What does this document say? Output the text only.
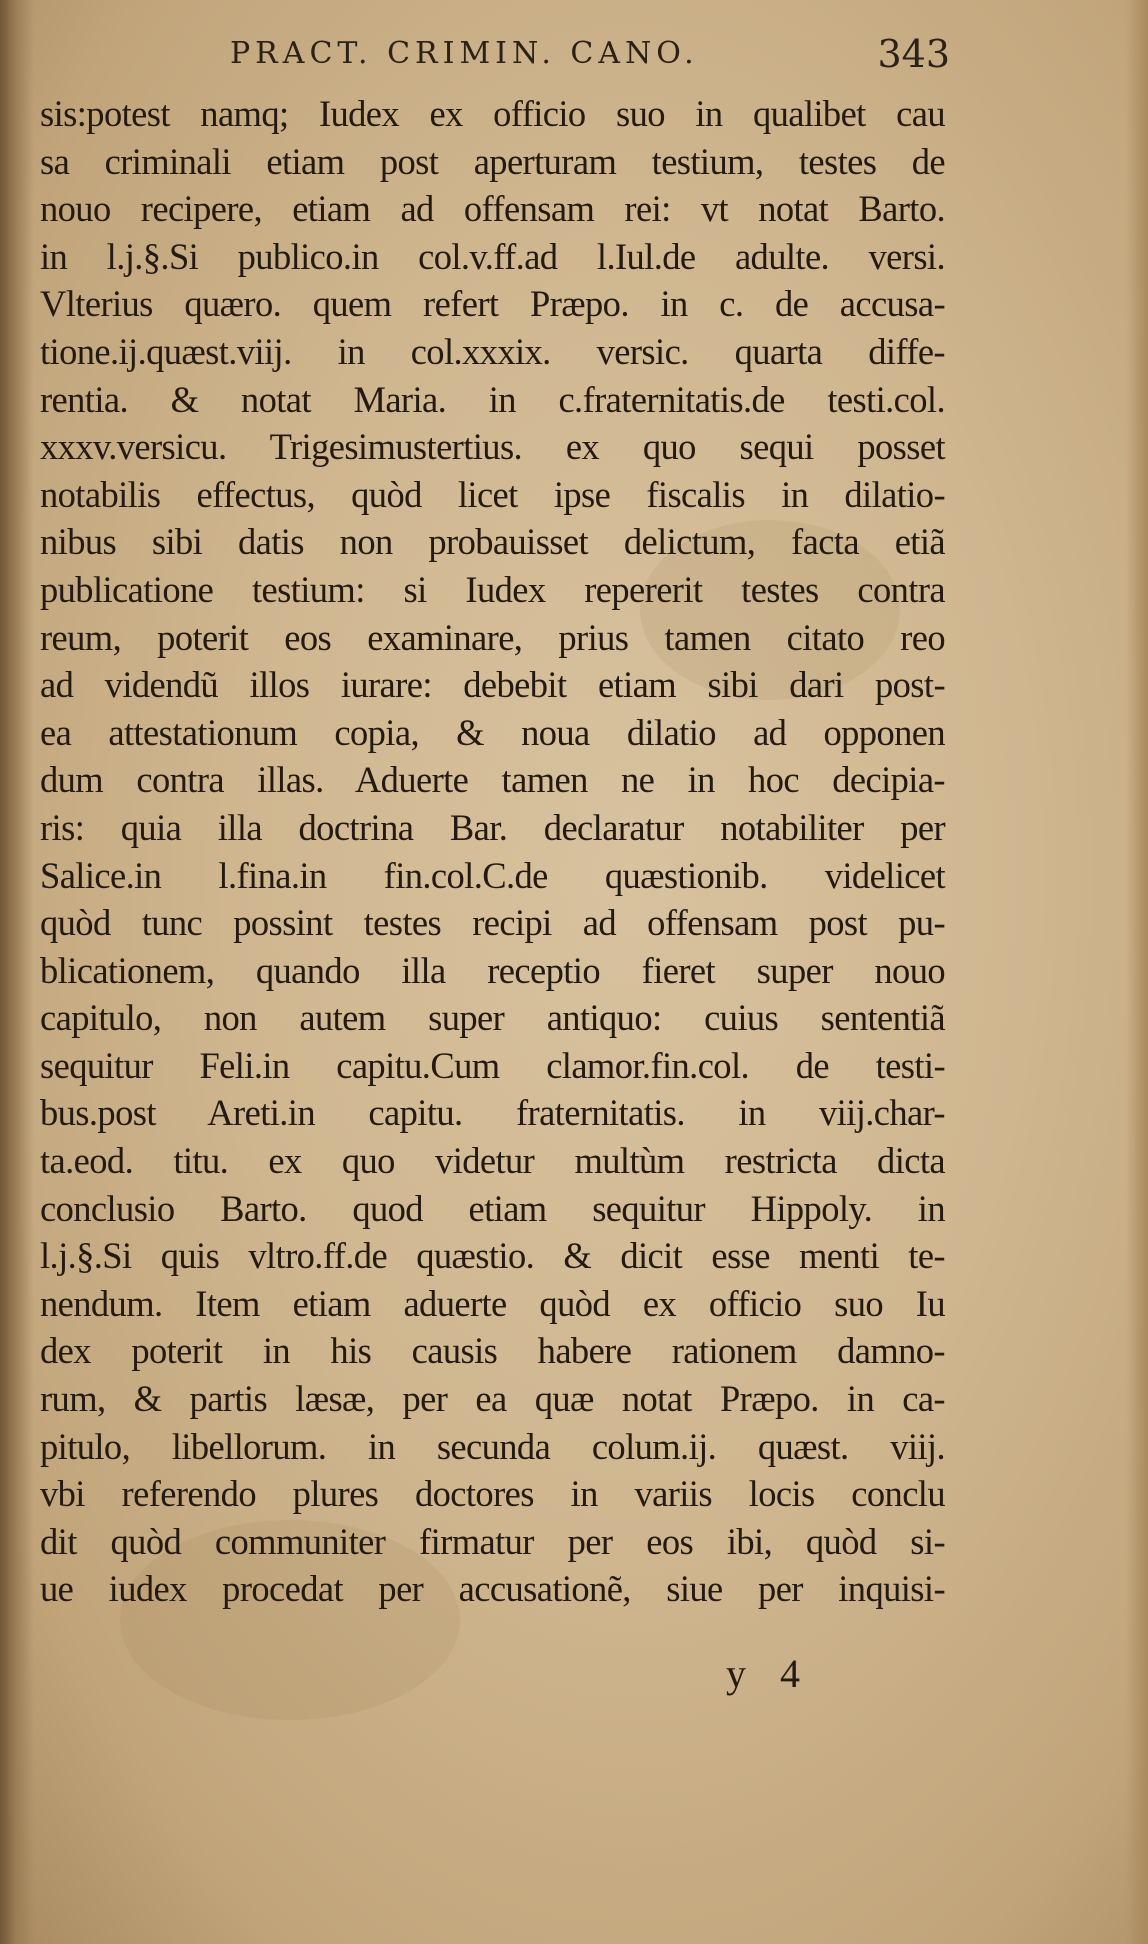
PRACT. CRIMIN. CANO.	343
sis:potest namq; Iudex ex officio suo in qualibet cau
sa criminali etiam post aperturam testium, testes de
nouo recipere, etiam ad offensam rei: vt notat Barto.
in l.j.§.Si publico.in col.v.ff.ad l.Iul.de adulte. versi.
Vlterius quæro. quem refert Præpo. in c. de accusa-
tione.ij.quæst.viij. in col.xxxix. versic. quarta diffe-
rentia. & notat Maria. in c.fraternitatis.de testi.col.
xxxv.versicu. Trigesimustertius. ex quo sequi posset
notabilis effectus, quòd licet ipse fiscalis in dilatio-
nibus sibi datis non probauisset delictum, facta etiã
publicatione testium: si Iudex repererit testes contra
reum, poterit eos examinare, prius tamen citato reo
ad videndũ illos iurare: debebit etiam sibi dari post-
ea attestationum copia, & noua dilatio ad opponen
dum contra illas. Aduerte tamen ne in hoc decipia-
ris: quia illa doctrina Bar. declaratur notabiliter per
Salice.in l.fina.in fin.col.C.de quæstionib. videlicet
quòd tunc possint testes recipi ad offensam post pu-
blicationem, quando illa receptio fieret super nouo
capitulo, non autem super antiquo: cuius sententiã
sequitur Feli.in capitu.Cum clamor.fin.col. de testi-
bus.post Areti.in capitu. fraternitatis. in viij.char-
ta.eod. titu. ex quo videtur multùm restricta dicta
conclusio Barto. quod etiam sequitur Hippoly. in
l.j.§.Si quis vltro.ff.de quæstio. & dicit esse menti te-
nendum. Item etiam aduerte quòd ex officio suo Iu
dex poterit in his causis habere rationem damno-
rum, & partis læsæ, per ea quæ notat Præpo. in ca-
pitulo, libellorum. in secunda colum.ij. quæst. viij.
vbi referendo plures doctores in variis locis conclu
dit quòd communiter firmatur per eos ibi, quòd si-
ue iudex procedat per accusationẽ, siue per inquisi-
y 4
